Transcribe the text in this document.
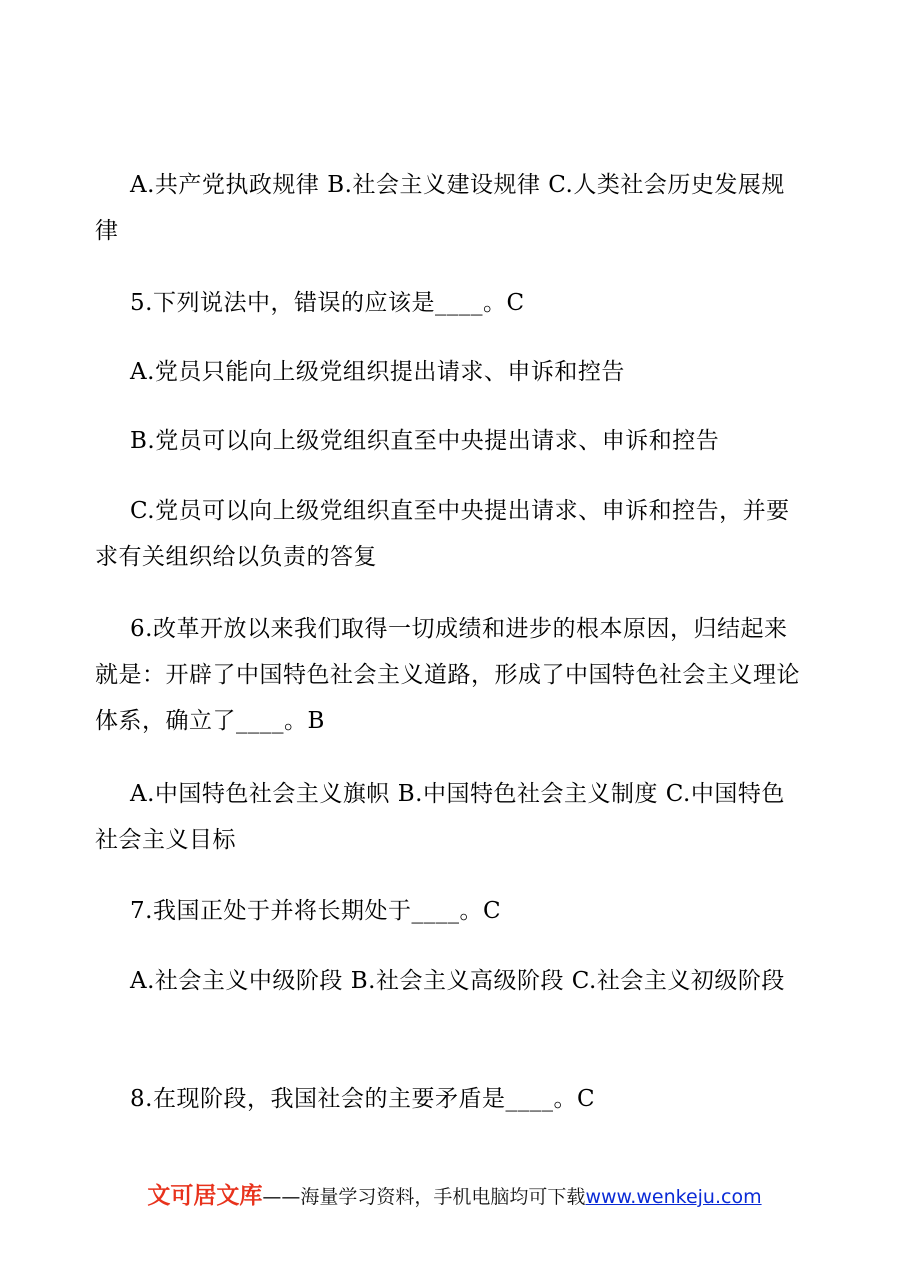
A.共产党执政规律 B.社会主义建设规律 C.人类社会历史发展规律

5.下列说法中，错误的应该是____。C

A.党员只能向上级党组织提出请求、申诉和控告

B.党员可以向上级党组织直至中央提出请求、申诉和控告

C.党员可以向上级党组织直至中央提出请求、申诉和控告，并要求有关组织给以负责的答复

6.改革开放以来我们取得一切成绩和进步的根本原因，归结起来就是：开辟了中国特色社会主义道路，形成了中国特色社会主义理论体系，确立了____。B

A.中国特色社会主义旗帜 B.中国特色社会主义制度 C.中国特色社会主义目标

7.我国正处于并将长期处于____。C

A.社会主义中级阶段 B.社会主义高级阶段 C.社会主义初级阶段

8.在现阶段，我国社会的主要矛盾是____。C

文可居文库——海量学习资料，手机电脑均可下载www.wenkeju.com
